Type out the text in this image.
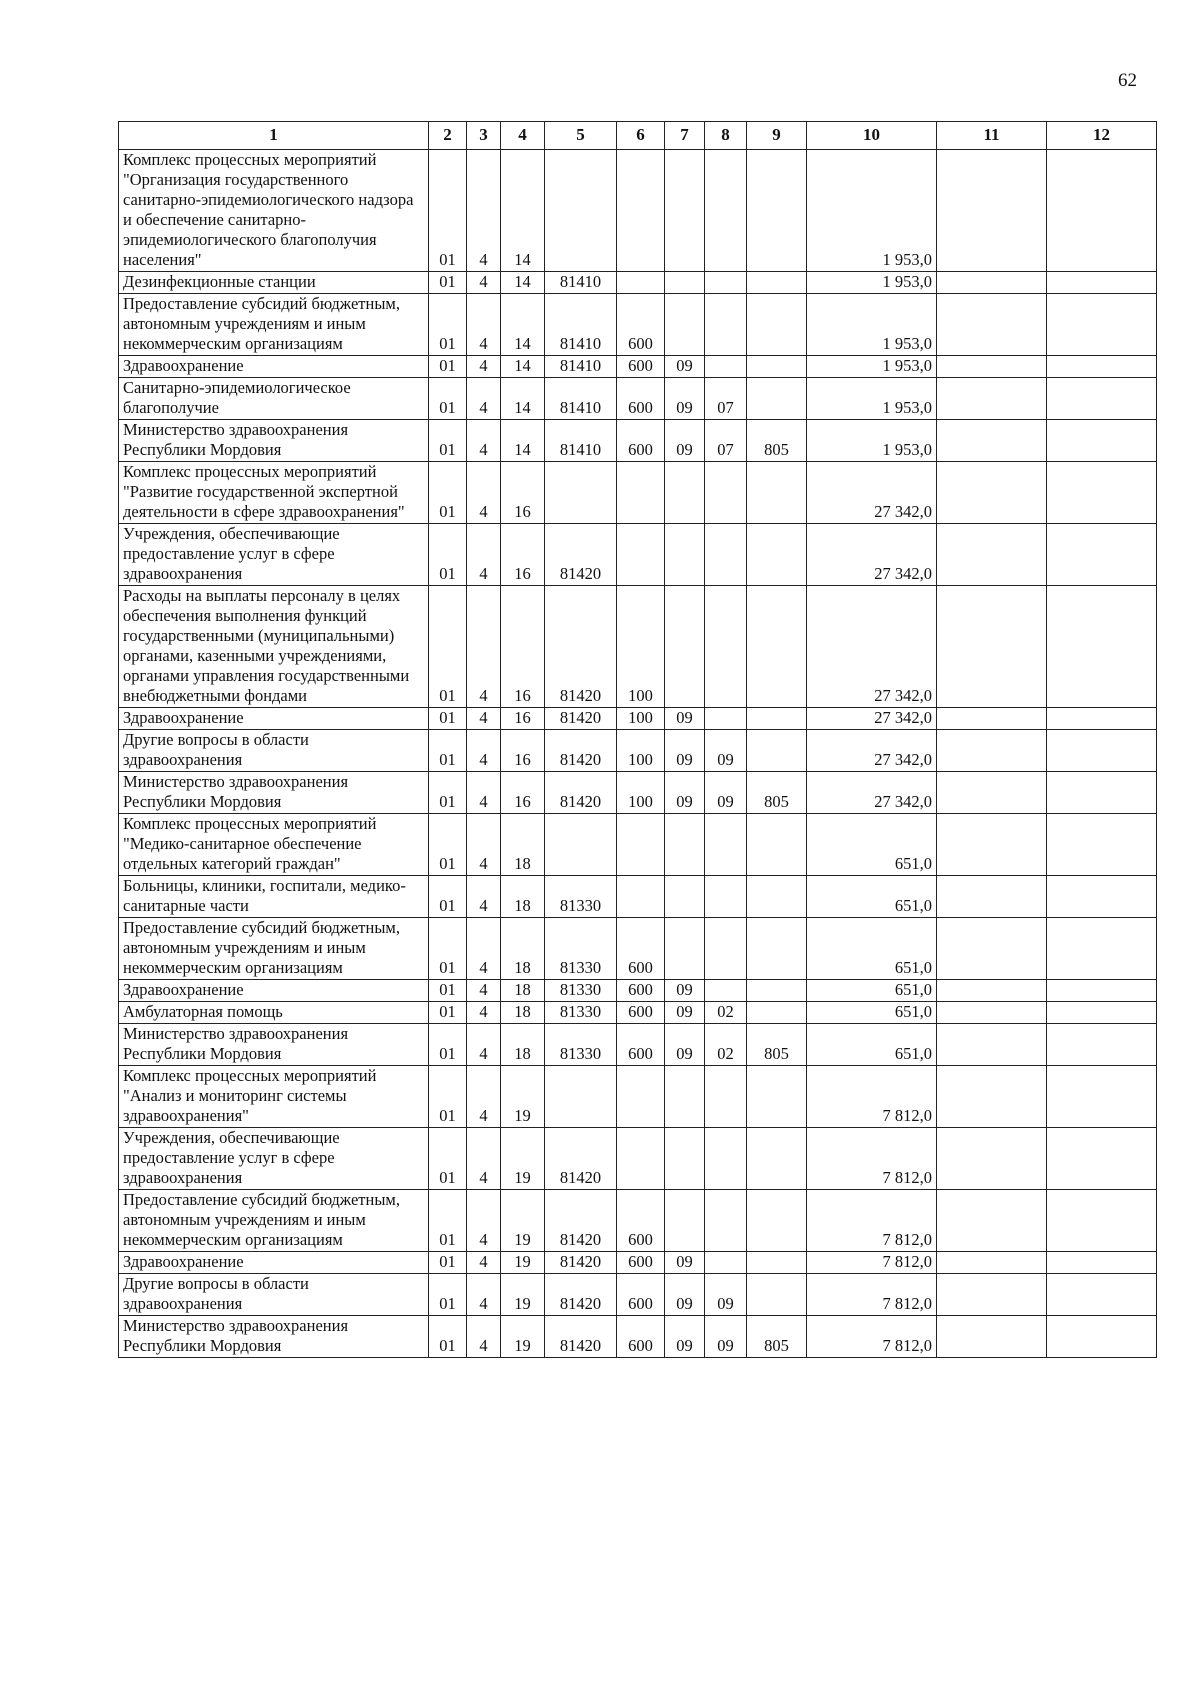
62
1	2	3	4	5	6	7	8	9	10	11	12
Комплекс процессных мероприятий "Организация государственного санитарно-эпидемиологического надзора и обеспечение санитарно-эпидемиологического благополучия населения"	01	4	14						1 953,0		
Дезинфекционные станции	01	4	14	81410					1 953,0		
Предоставление субсидий бюджетным, автономным учреждениям и иным некоммерческим организациям	01	4	14	81410	600				1 953,0		
Здравоохранение	01	4	14	81410	600	09			1 953,0		
Санитарно-эпидемиологическое благополучие	01	4	14	81410	600	09	07		1 953,0		
Министерство здравоохранения Республики Мордовия	01	4	14	81410	600	09	07	805	1 953,0		
Комплекс процессных мероприятий "Развитие государственной экспертной деятельности в сфере здравоохранения"	01	4	16						27 342,0		
Учреждения, обеспечивающие предоставление услуг в сфере здравоохранения	01	4	16	81420					27 342,0		
Расходы на выплаты персоналу в целях обеспечения выполнения функций государственными (муниципальными) органами, казенными учреждениями, органами управления государственными внебюджетными фондами	01	4	16	81420	100				27 342,0		
Здравоохранение	01	4	16	81420	100	09			27 342,0		
Другие вопросы в области здравоохранения	01	4	16	81420	100	09	09		27 342,0		
Министерство здравоохранения Республики Мордовия	01	4	16	81420	100	09	09	805	27 342,0		
Комплекс процессных мероприятий "Медико-санитарное обеспечение отдельных категорий граждан"	01	4	18						651,0		
Больницы, клиники, госпитали, медико-санитарные части	01	4	18	81330					651,0		
Предоставление субсидий бюджетным, автономным учреждениям и иным некоммерческим организациям	01	4	18	81330	600				651,0		
Здравоохранение	01	4	18	81330	600	09			651,0		
Амбулаторная помощь	01	4	18	81330	600	09	02		651,0		
Министерство здравоохранения Республики Мордовия	01	4	18	81330	600	09	02	805	651,0		
Комплекс процессных мероприятий "Анализ и мониторинг системы здравоохранения"	01	4	19						7 812,0		
Учреждения, обеспечивающие предоставление услуг в сфере здравоохранения	01	4	19	81420					7 812,0		
Предоставление субсидий бюджетным, автономным учреждениям и иным некоммерческим организациям	01	4	19	81420	600				7 812,0		
Здравоохранение	01	4	19	81420	600	09			7 812,0		
Другие вопросы в области здравоохранения	01	4	19	81420	600	09	09		7 812,0		
Министерство здравоохранения Республики Мордовия	01	4	19	81420	600	09	09	805	7 812,0		
